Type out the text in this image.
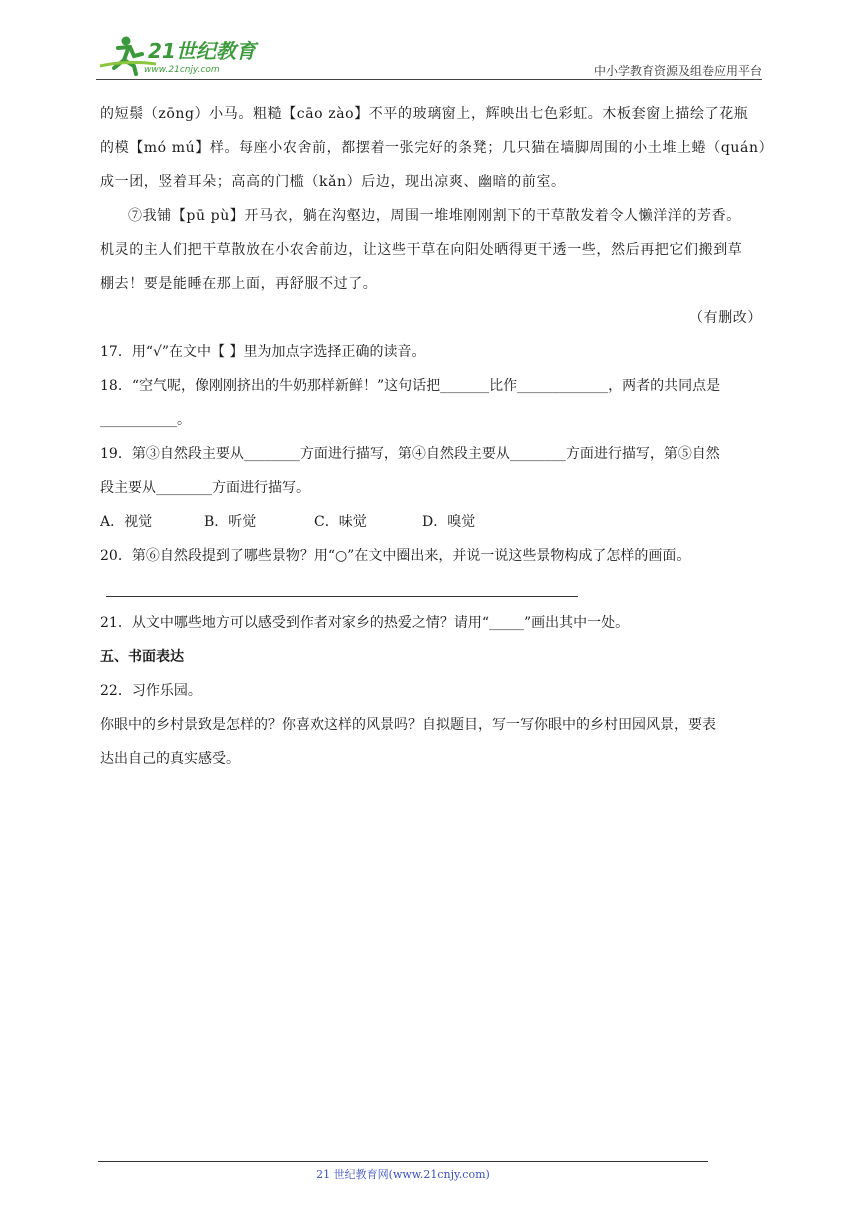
21世纪教育
www.21cnjy.com	中小学教育资源及组卷应用平台
的短鬃（zōng）小马。粗糙【cāo zào】不平的玻璃窗上，辉映出七色彩虹。木板套窗上描绘了花瓶
的模【mó mú】样。每座小农舍前，都摆着一张完好的条凳；几只猫在墙脚周围的小土堆上蜷（quán）
成一团，竖着耳朵；高高的门槛（kǎn）后边，现出凉爽、幽暗的前室。
⑦我铺【pū pù】开马衣，躺在沟壑边，周围一堆堆刚刚割下的干草散发着令人懒洋洋的芳香。
机灵的主人们把干草散放在小农舍前边，让这些干草在向阳处晒得更干透一些，然后再把它们搬到草
棚去！要是能睡在那上面，再舒服不过了。
（有删改）
17．用“√”在文中【 】里为加点字选择正确的读音。
18．“空气呢，像刚刚挤出的牛奶那样新鲜！”这句话把_______比作_____________，两者的共同点是
___________。
19．第③自然段主要从________方面进行描写，第④自然段主要从________方面进行描写，第⑤自然
段主要从________方面进行描写。
A．视觉	B．听觉	C．味觉	D．嗅觉
20．第⑥自然段提到了哪些景物？用“○”在文中圈出来，并说一说这些景物构成了怎样的画面。
21．从文中哪些地方可以感受到作者对家乡的热爱之情？请用“_____”画出其中一处。
五、书面表达
22．习作乐园。
你眼中的乡村景致是怎样的？你喜欢这样的风景吗？自拟题目，写一写你眼中的乡村田园风景，要表
达出自己的真实感受。
21 世纪教育网(www.21cnjy.com)
